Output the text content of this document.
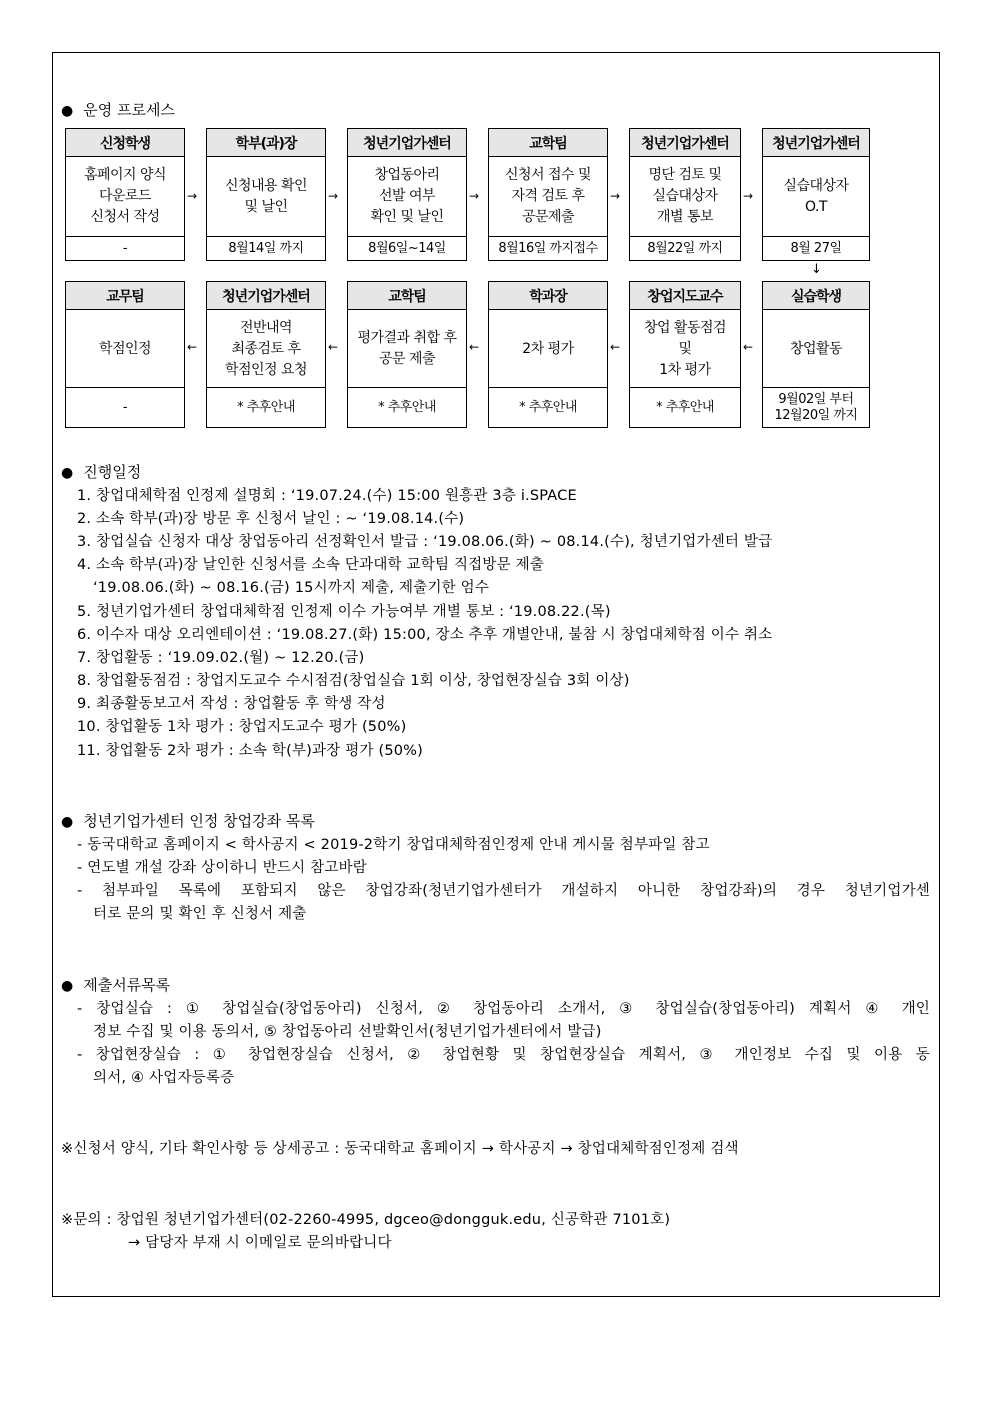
● 운영 프로세스
신청학생
홈페이지 양식
다운로드
신청서 작성
-
학부(과)장
신청내용 확인
및 날인
8월14일 까지
청년기업가센터
창업동아리
선발 여부
확인 및 날인
8월6일~14일
교학팀
신청서 접수 및
자격 검토 후
공문제출
8월16일 까지접수
청년기업가센터
명단 검토 및
실습대상자
개별 통보
8월22일 까지
청년기업가센터
실습대상자
O.T
8월 27일
→	→	→	→	→
교무팀
학점인정
-
청년기업가센터
전반내역
최종검토 후
학점인정 요청
* 추후안내
교학팀
평가결과 취합 후
공문 제출
* 추후안내
학과장
2차 평가
* 추후안내
창업지도교수
창업 활동점검
및
1차 평가
* 추후안내
실습학생
창업활동
9월02일 부터
12월20일 까지
←	←	←	←	←
↓
● 진행일정
1. 창업대체학점 인정제 설명회 : ‘19.07.24.(수) 15:00 원흥관 3층 i.SPACE
2. 소속 학부(과)장 방문 후 신청서 날인 : ~ ‘19.08.14.(수)
3. 창업실습 신청자 대상 창업동아리 선정확인서 발급 : ‘19.08.06.(화) ~ 08.14.(수), 청년기업가센터 발급
4. 소속 학부(과)장 날인한 신청서를 소속 단과대학 교학팀 직접방문 제출
‘19.08.06.(화) ~ 08.16.(금) 15시까지 제출, 제출기한 엄수
5. 청년기업가센터 창업대체학점 인정제 이수 가능여부 개별 통보 : ‘19.08.22.(목)
6. 이수자 대상 오리엔테이션 : ‘19.08.27.(화) 15:00, 장소 추후 개별안내, 불참 시 창업대체학점 이수 취소
7. 창업활동 : ‘19.09.02.(월) ~ 12.20.(금)
8. 창업활동점검 : 창업지도교수 수시점검(창업실습 1회 이상, 창업현장실습 3회 이상)
9. 최종활동보고서 작성 : 창업활동 후 학생 작성
10. 창업활동 1차 평가 : 창업지도교수 평가 (50%)
11. 창업활동 2차 평가 : 소속 학(부)과장 평가 (50%)
● 청년기업가센터 인정 창업강좌 목록
- 동국대학교 홈페이지 < 학사공지 < 2019-2학기 창업대체학점인정제 안내 게시물 첨부파일 참고
- 연도별 개설 강좌 상이하니 반드시 참고바람
- 첨부파일 목록에 포함되지 않은 창업강좌(청년기업가센터가 개설하지 아니한 창업강좌)의 경우 청년기업가센
터로 문의 및 확인 후 신청서 제출
● 제출서류목록
- 창업실습 : ① 창업실습(창업동아리) 신청서, ② 창업동아리 소개서, ③ 창업실습(창업동아리) 계획서 ④ 개인
정보 수집 및 이용 동의서, ⑤ 창업동아리 선발확인서(청년기업가센터에서 발급)
- 창업현장실습 : ① 창업현장실습 신청서, ② 창업현황 및 창업현장실습 계획서, ③ 개인정보 수집 및 이용 동
의서, ④ 사업자등록증
※신청서 양식, 기타 확인사항 등 상세공고 : 동국대학교 홈페이지 → 학사공지 → 창업대체학점인정제 검색
※문의 : 창업원 청년기업가센터(02-2260-4995, dgceo@dongguk.edu, 신공학관 7101호)
→ 담당자 부재 시 이메일로 문의바랍니다
